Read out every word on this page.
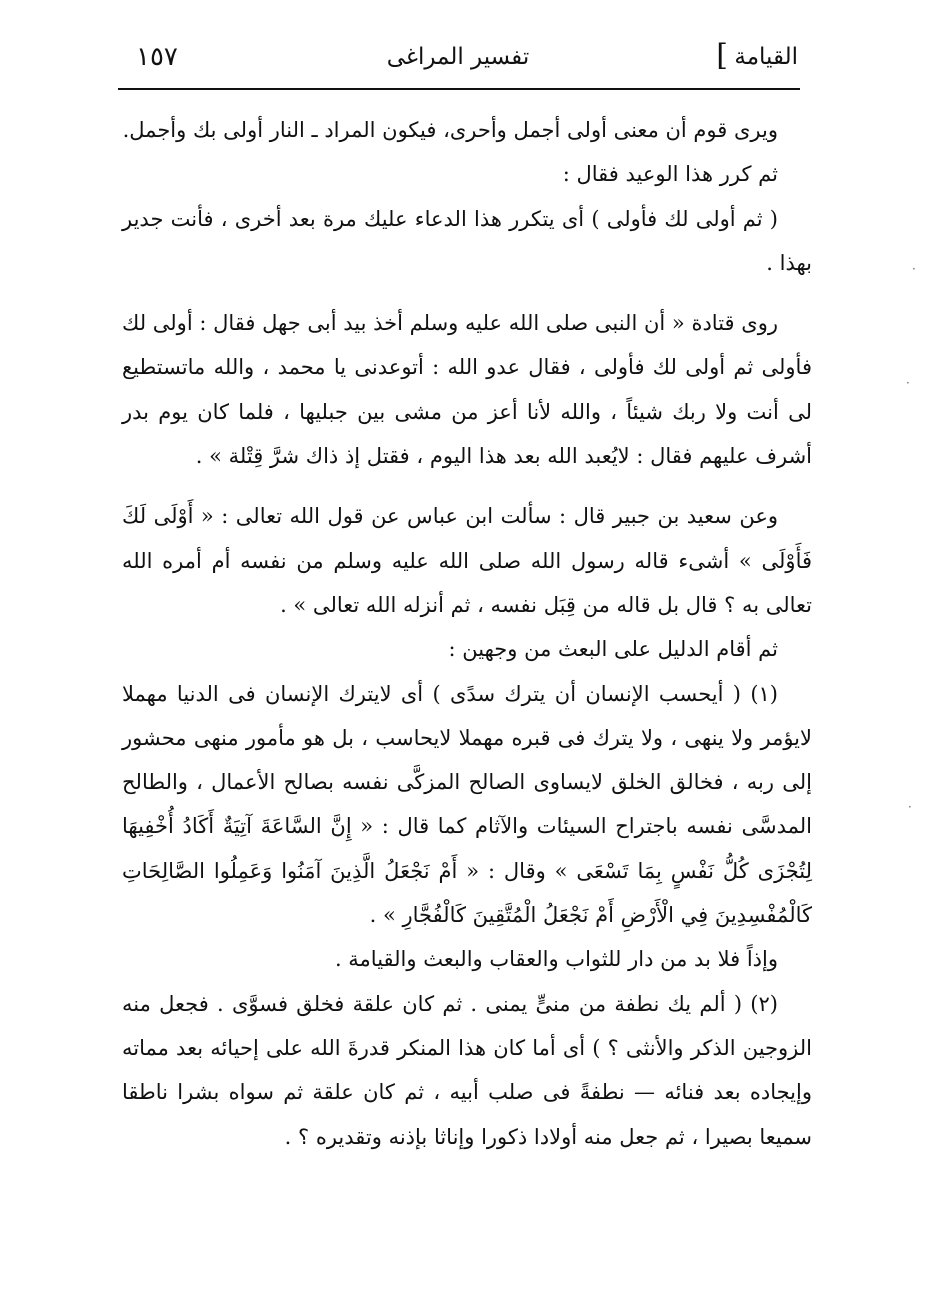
القيامة
]
تفسير المراغى
١٥٧

ويرى قوم أن معنى أولى أجمل وأحرى، فيكون المراد ـ النار أولى بك وأجمل.

ثم كرر هذا الوعيد فقال :

( ثم أولى لك فأولى ) أى يتكرر هذا الدعاء عليك مرة بعد أخرى ، فأنت جدير بهذا .

روى قتادة « أن النبى صلى الله عليه وسلم أخذ بيد أبى جهل فقال : أولى لك فأولى ثم أولى لك فأولى ، فقال عدو الله : أتوعدنى يا محمد ، والله ماتستطيع لى أنت ولا ربك شيئاً ، والله لأنا أعز من مشى بين جبليها ، فلما كان يوم بدر أشرف عليهم فقال : لايُعبد الله بعد هذا اليوم ، فقتل إذ ذاك شرَّ قِتْلة » .

وعن سعيد بن جبير قال : سألت ابن عباس عن قول الله تعالى : « أَوْلَى لَكَ فَأَوْلَى » أشىء قاله رسول الله صلى الله عليه وسلم من نفسه أم أمره الله تعالى به ؟ قال بل قاله من قِبَل نفسه ، ثم أنزله الله تعالى » .

ثم أقام الدليل على البعث من وجهين :

(١) ( أيحسب الإنسان أن يترك سدًى ) أى لايترك الإنسان فى الدنيا مهملا لايؤمر ولا ينهى ، ولا يترك فى قبره مهملا لايحاسب ، بل هو مأمور منهى محشور إلى ربه ، فخالق الخلق لايساوى الصالح المزكَّى نفسه بصالح الأعمال ، والطالح المدسَّى نفسه باجتراح السيئات والآثام كما قال : « إِنَّ السَّاعَةَ آتِيَةٌ أَكَادُ أُخْفِيهَا لِتُجْزَى كُلُّ نَفْسٍ بِمَا تَسْعَى » وقال : « أَمْ نَجْعَلُ الَّذِينَ آمَنُوا وَعَمِلُوا الصَّالِحَاتِ كَالْمُفْسِدِينَ فِي الْأَرْضِ أَمْ نَجْعَلُ الْمُتَّقِينَ كَالْفُجَّارِ » .

وإذاً فلا بد من دار للثواب والعقاب والبعث والقيامة .

(٢) ( ألم يك نطفة من منىٍّ يمنى . ثم كان علقة فخلق فسوَّى . فجعل منه الزوجين الذكر والأنثى ؟ ) أى أما كان هذا المنكر قدرةَ الله على إحيائه بعد مماته وإيجاده بعد فنائه — نطفةً فى صلب أبيه ، ثم كان علقة ثم سواه بشرا ناطقا سميعا بصيرا ، ثم جعل منه أولادا ذكورا وإناثا بإذنه وتقديره ؟ .

·
·
·
